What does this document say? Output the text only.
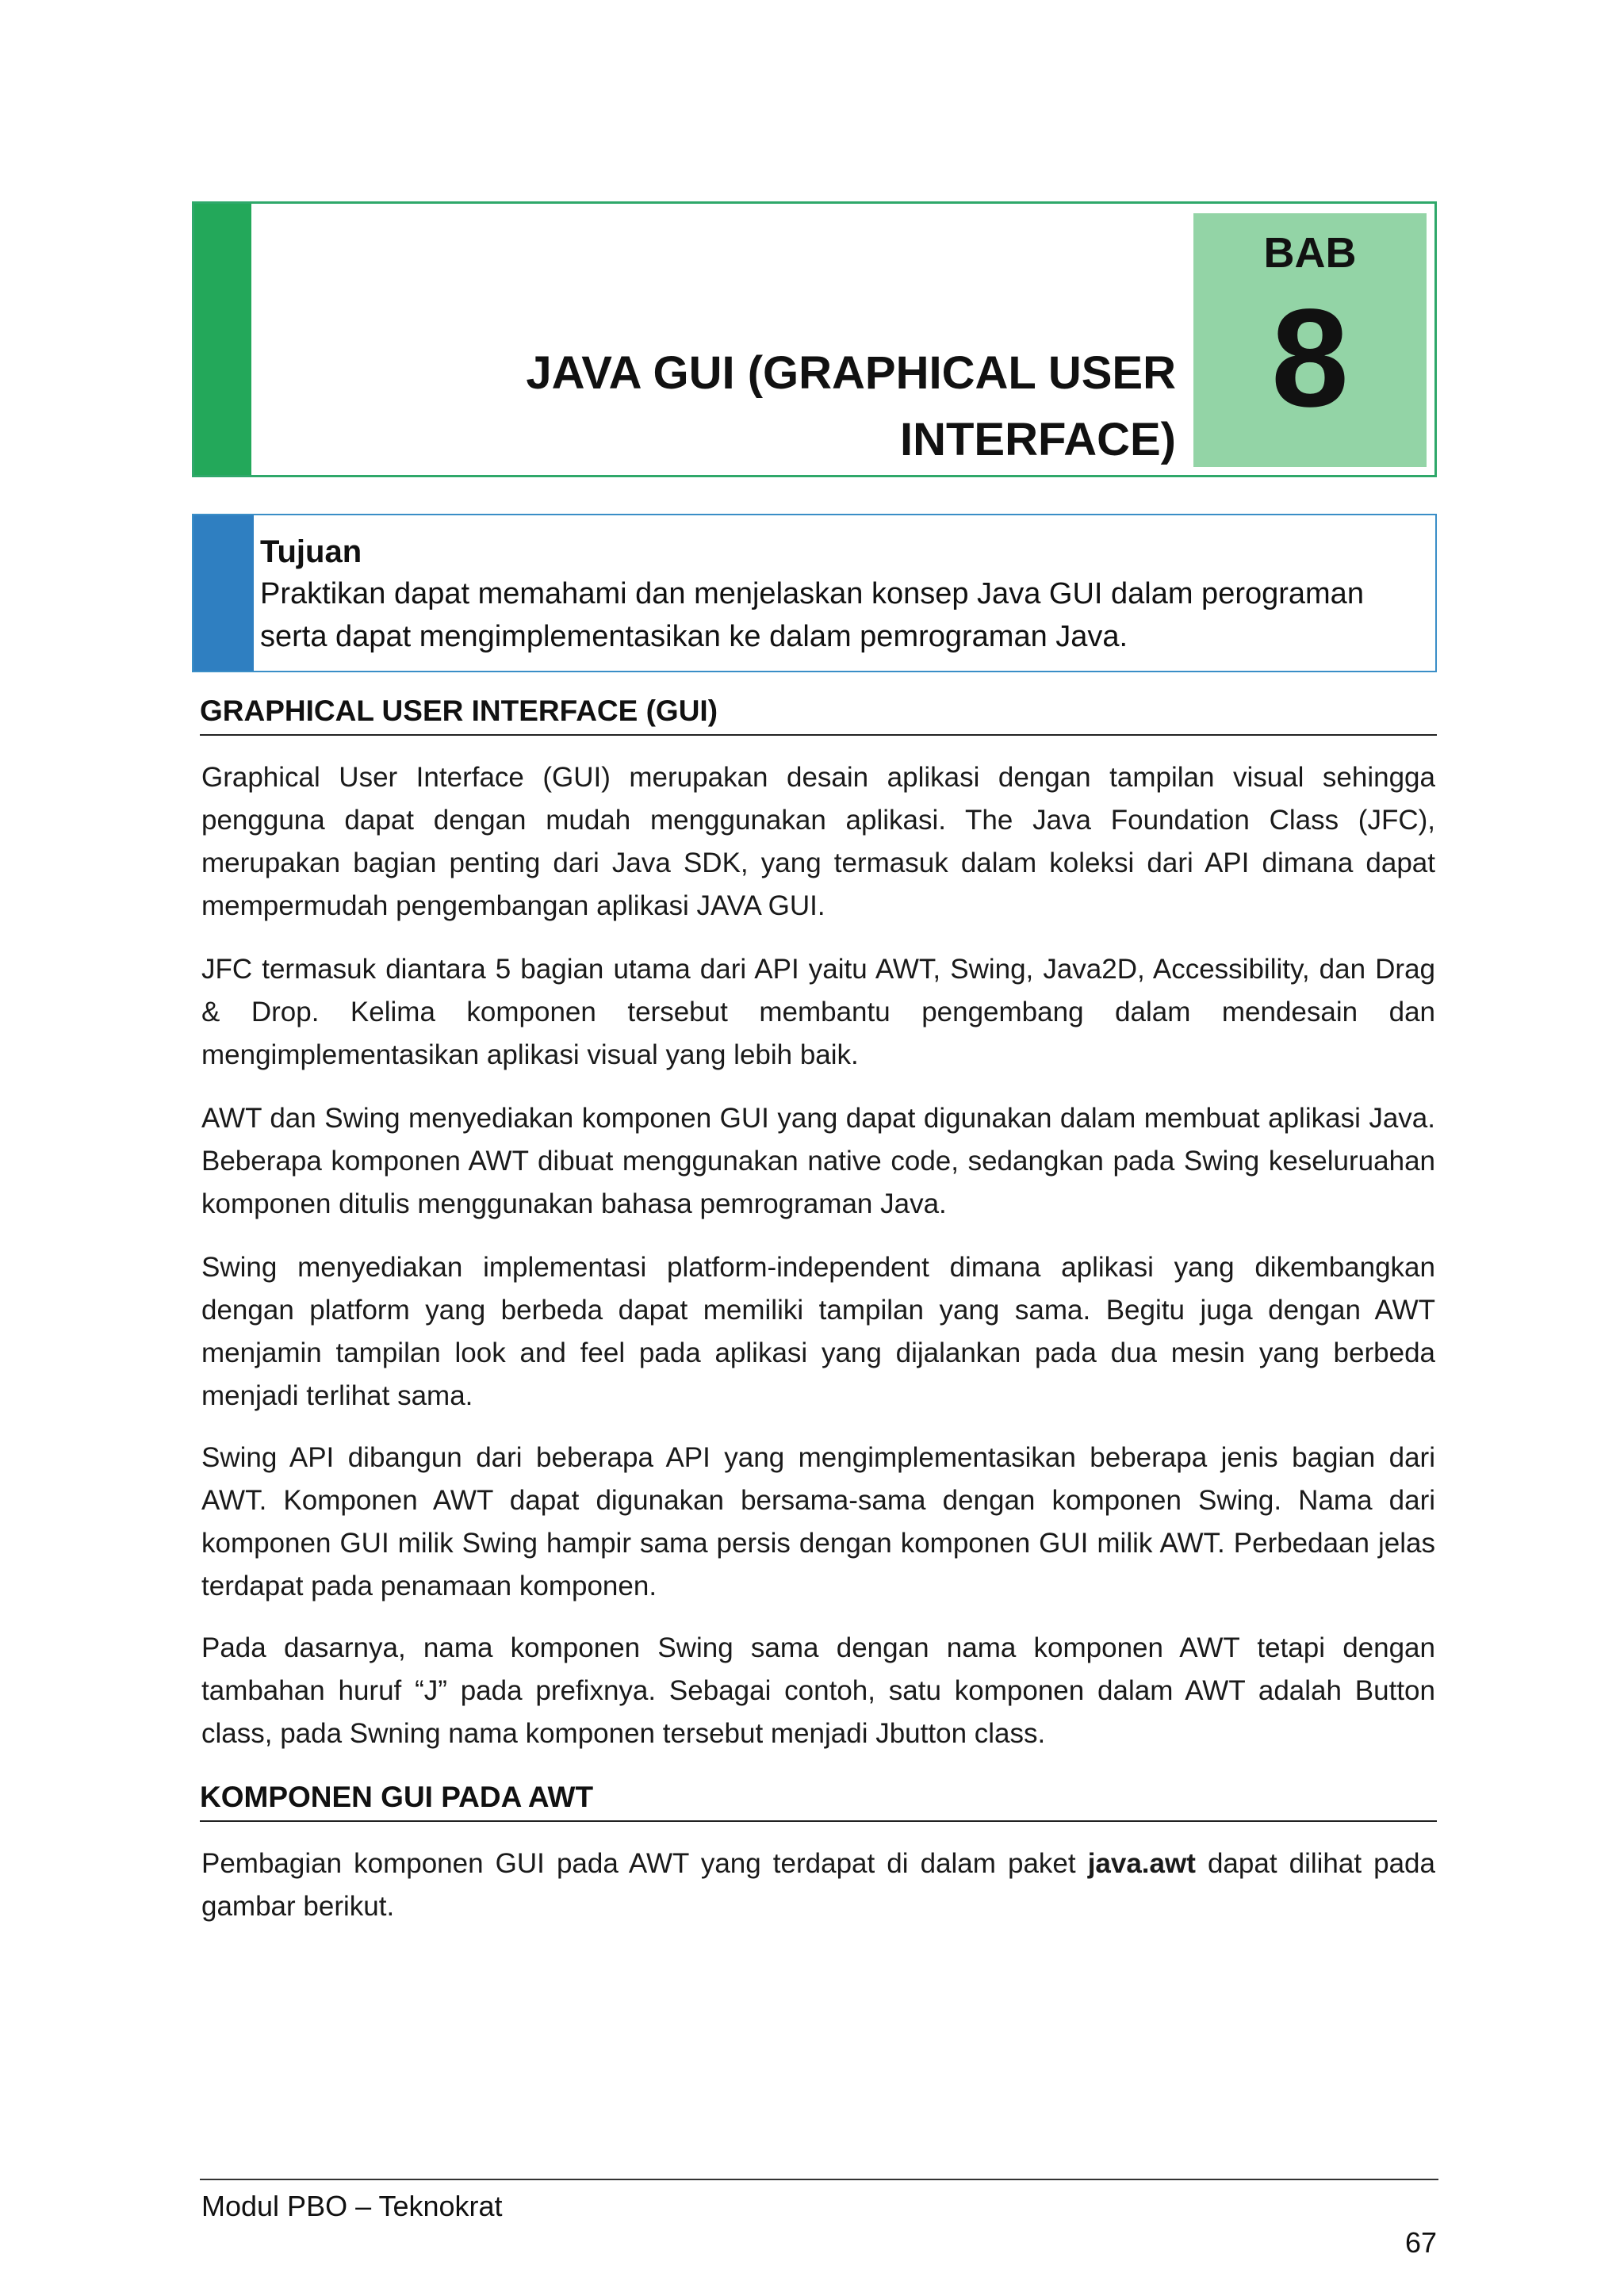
JAVA GUI (GRAPHICAL USER INTERFACE)
BAB
8
Tujuan
Praktikan dapat memahami dan menjelaskan konsep Java GUI dalam perograman serta dapat mengimplementasikan ke dalam pemrograman Java.
GRAPHICAL USER INTERFACE (GUI)

Graphical User Interface (GUI) merupakan desain aplikasi dengan tampilan visual sehingga pengguna dapat dengan mudah menggunakan aplikasi. The Java Foundation Class (JFC), merupakan bagian penting dari Java SDK, yang termasuk dalam koleksi dari API dimana dapat mempermudah pengembangan aplikasi JAVA GUI.

JFC termasuk diantara 5 bagian utama dari API yaitu AWT, Swing, Java2D, Accessibility, dan Drag & Drop. Kelima komponen tersebut membantu pengembang dalam mendesain dan mengimplementasikan aplikasi visual yang lebih baik.

AWT dan Swing menyediakan komponen GUI yang dapat digunakan dalam membuat aplikasi Java. Beberapa komponen AWT dibuat menggunakan native code, sedangkan pada Swing keseluruahan komponen ditulis menggunakan bahasa pemrograman Java.

Swing menyediakan implementasi platform-independent dimana aplikasi yang dikembangkan dengan platform yang berbeda dapat memiliki tampilan yang sama. Begitu juga dengan AWT menjamin tampilan look and feel pada aplikasi yang dijalankan pada dua mesin yang berbeda menjadi terlihat sama.

Swing API dibangun dari beberapa API yang mengimplementasikan beberapa jenis bagian dari AWT. Komponen AWT dapat digunakan bersama-sama dengan komponen Swing. Nama dari komponen GUI milik Swing hampir sama persis dengan komponen GUI milik AWT. Perbedaan jelas terdapat pada penamaan komponen.

Pada dasarnya, nama komponen Swing sama dengan nama komponen AWT tetapi dengan tambahan huruf “J” pada prefixnya. Sebagai contoh, satu komponen dalam AWT adalah Button class, pada Swning nama komponen tersebut menjadi Jbutton class.

KOMPONEN GUI PADA AWT

Pembagian komponen GUI pada AWT yang terdapat di dalam paket java.awt dapat dilihat pada gambar berikut.

Modul PBO – Teknokrat
67
